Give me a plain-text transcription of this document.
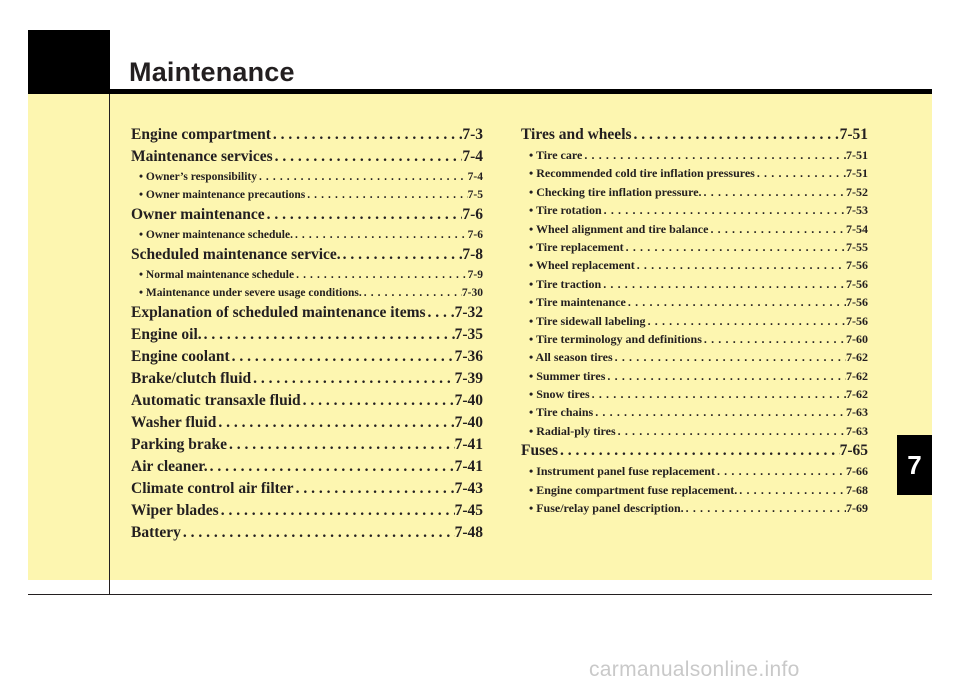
Maintenance
7
Engine compartment . . .	7-3
Maintenance services . . .	7-4
• Owner’s responsibility . . .	7-4
• Owner maintenance precautions . . .	7-5
Owner maintenance . . .	7-6
• Owner maintenance schedule. . . .	7-6
Scheduled maintenance service. . . .	7-8
• Normal maintenance schedule . . .	7-9
• Maintenance under severe usage conditions. . . .	7-30
Explanation of scheduled maintenance items . . . 7-32
Engine oil. . . .	7-35
Engine coolant . . .	7-36
Brake/clutch fluid . . .	7-39
Automatic transaxle fluid . . .	7-40
Washer fluid . . .	7-40
Parking brake . . .	7-41
Air cleaner. . . .	7-41
Climate control air filter . . .	7-43
Wiper blades . . .	7-45
Battery . . .	7-48
Tires and wheels . . .	7-51
• Tire care . . .	7-51
• Recommended cold tire inflation pressures . . .	7-51
• Checking tire inflation pressure. . . .	7-52
• Tire rotation . . .	7-53
• Wheel alignment and tire balance . . .	7-54
• Tire replacement . . .	7-55
• Wheel replacement . . .	7-56
• Tire traction . . .	7-56
• Tire maintenance . . .	7-56
• Tire sidewall labeling . . .	7-56
• Tire terminology and definitions . . .	7-60
• All season tires . . .	7-62
• Summer tires . . .	7-62
• Snow tires . . .	7-62
• Tire chains . . .	7-63
• Radial-ply tires . . .	7-63
Fuses . . .	7-65
• Instrument panel fuse replacement . . .	7-66
• Engine compartment fuse replacement. . . .	7-68
• Fuse/relay panel description. . . .	7-69
carmanualsonline.info
